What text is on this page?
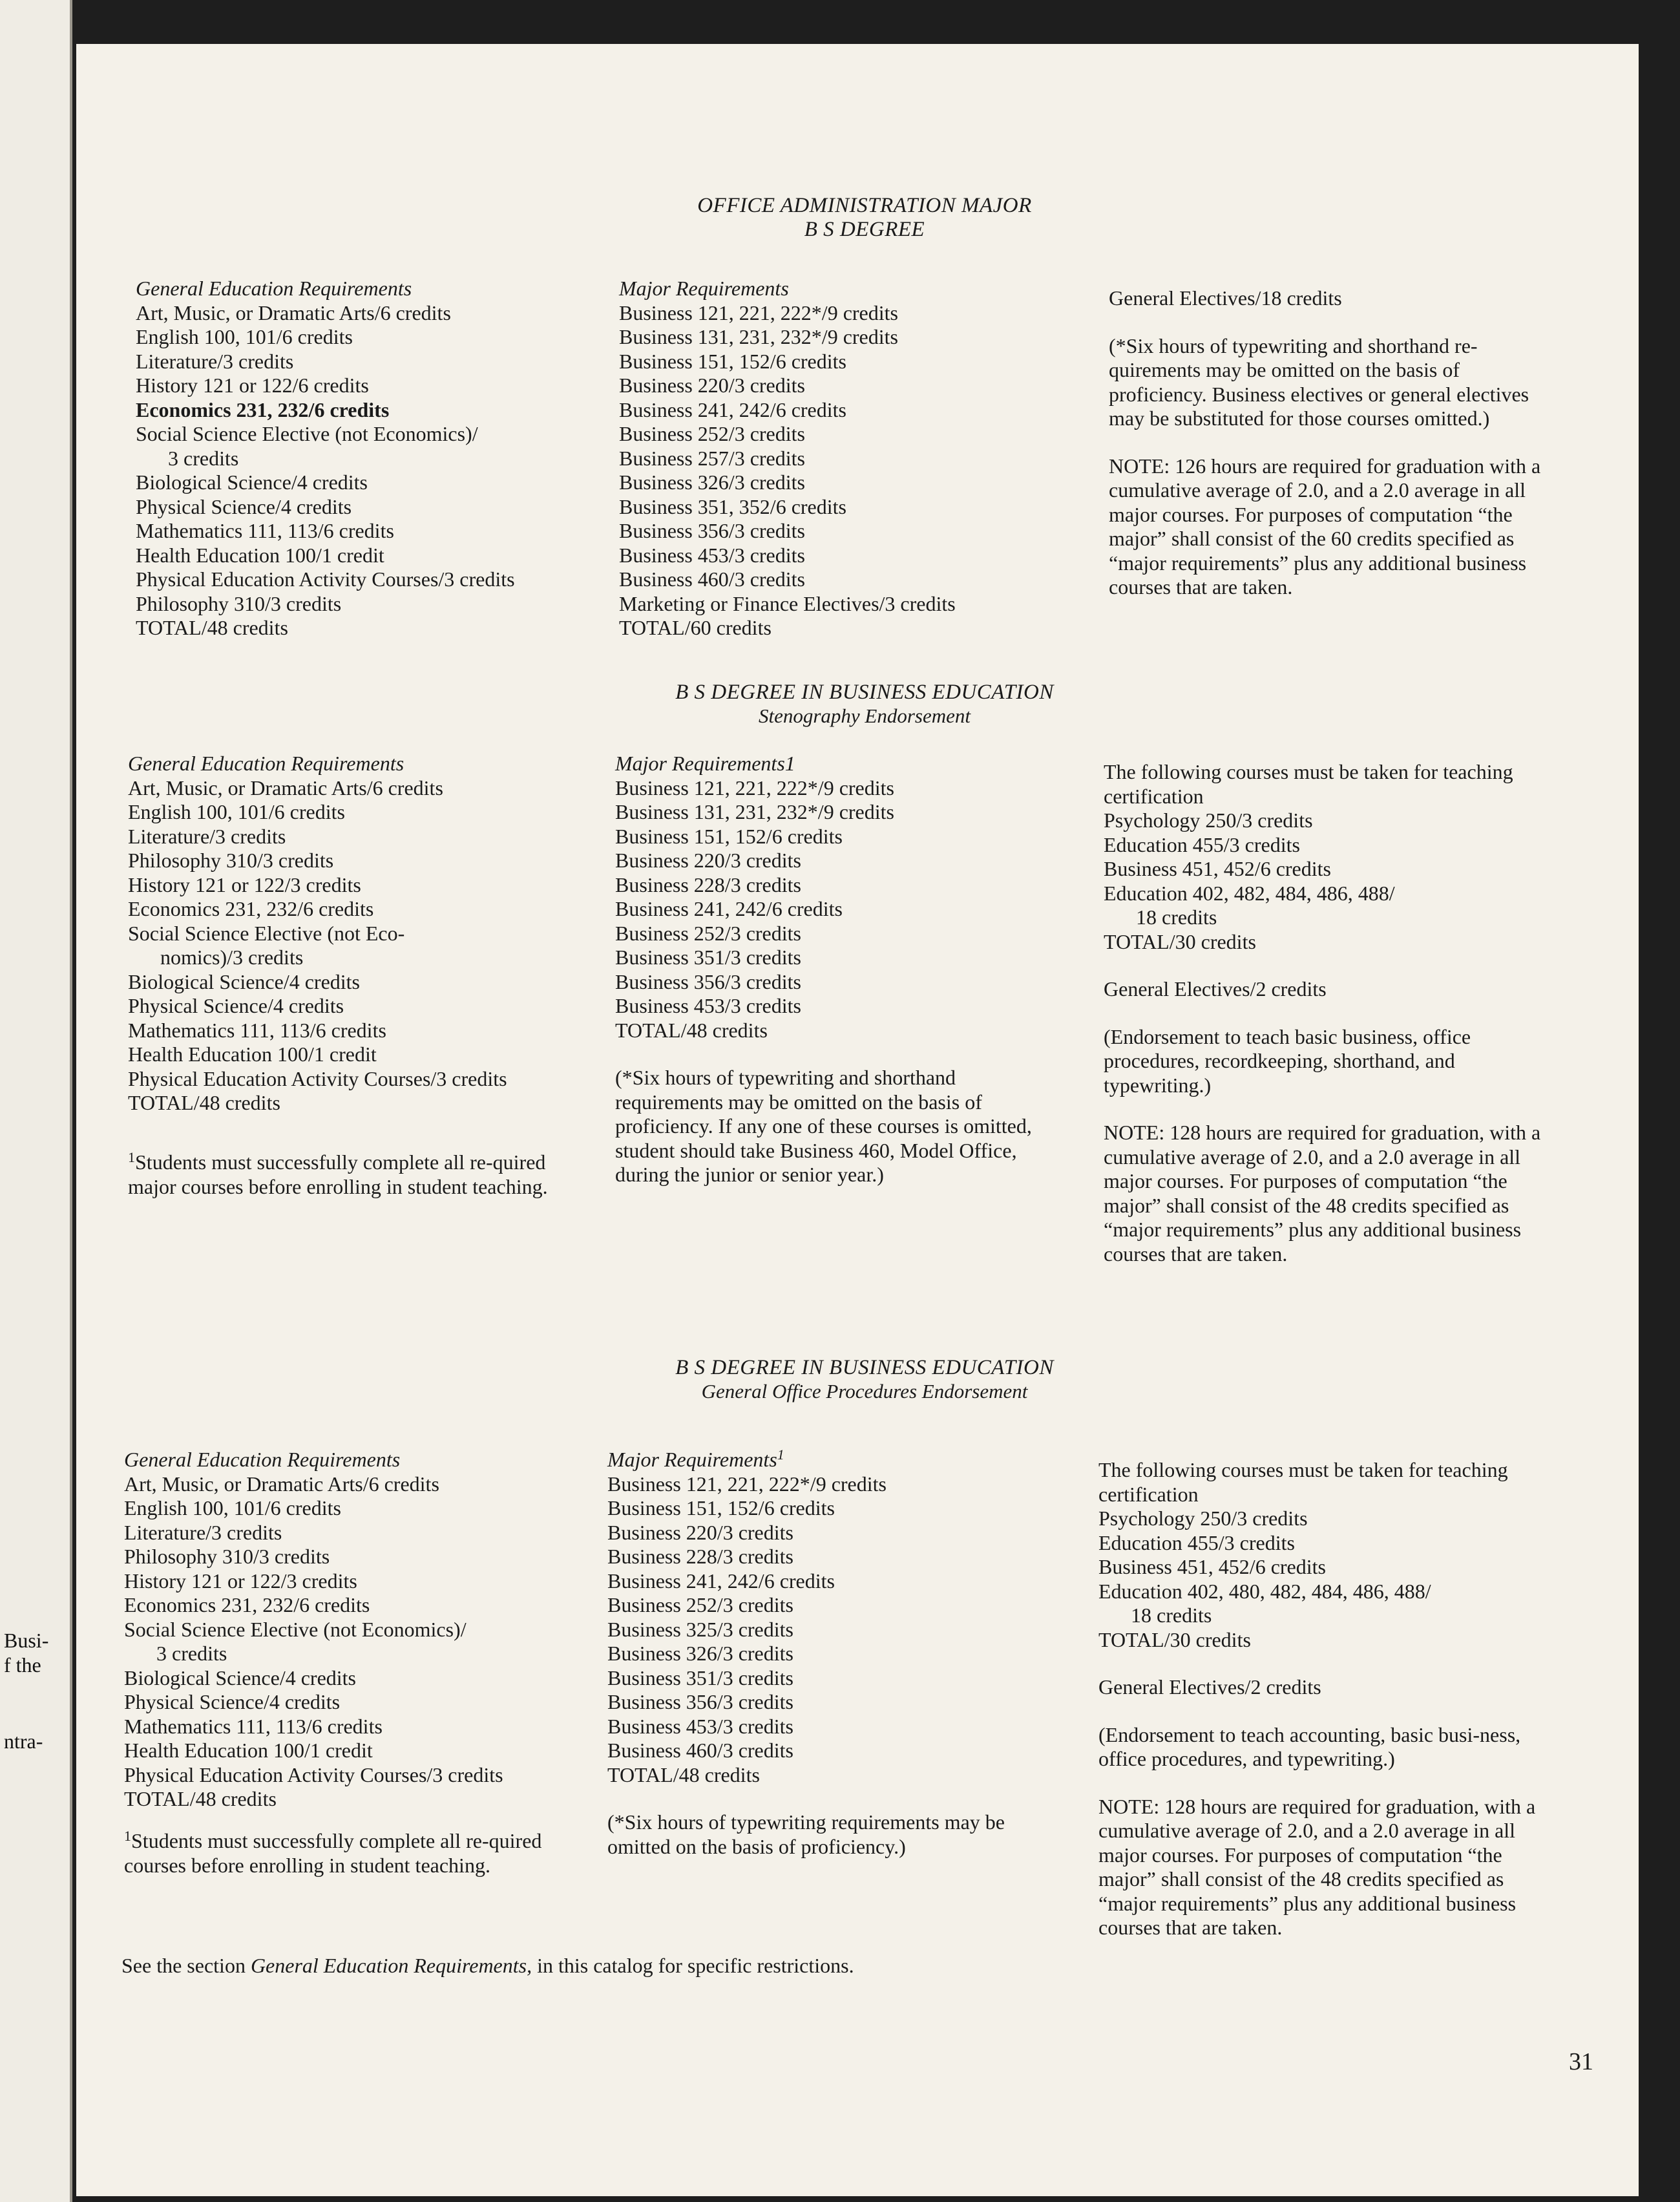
Busi-
f the
ntra-
OFFICE ADMINISTRATION MAJOR
B S DEGREE
General Education Requirements
Art, Music, or Dramatic Arts/6 credits
English 100, 101/6 credits
Literature/3 credits
History 121 or 122/6 credits
Economics 231, 232/6 credits
Social Science Elective (not Economics)/
3 credits
Biological Science/4 credits
Physical Science/4 credits
Mathematics 111, 113/6 credits
Health Education 100/1 credit
Physical Education Activity Courses/3 credits
Philosophy 310/3 credits
TOTAL/48 credits
Major Requirements
Business 121, 221, 222*/9 credits
Business 131, 231, 232*/9 credits
Business 151, 152/6 credits
Business 220/3 credits
Business 241, 242/6 credits
Business 252/3 credits
Business 257/3 credits
Business 326/3 credits
Business 351, 352/6 credits
Business 356/3 credits
Business 453/3 credits
Business 460/3 credits
Marketing or Finance Electives/3 credits
TOTAL/60 credits
General Electives/18 credits
(*Six hours of typewriting and shorthand re-quirements may be omitted on the basis of proficiency. Business electives or general electives may be substituted for those courses omitted.)
NOTE: 126 hours are required for graduation with a cumulative average of 2.0, and a 2.0 average in all major courses. For purposes of computation “the major” shall consist of the 60 credits specified as “major requirements” plus any additional business courses that are taken.
B S DEGREE IN BUSINESS EDUCATION
Stenography Endorsement
General Education Requirements
Art, Music, or Dramatic Arts/6 credits
English 100, 101/6 credits
Literature/3 credits
Philosophy 310/3 credits
History 121 or 122/3 credits
Economics 231, 232/6 credits
Social Science Elective (not Eco-
nomics)/3 credits
Biological Science/4 credits
Physical Science/4 credits
Mathematics 111, 113/6 credits
Health Education 100/1 credit
Physical Education Activity Courses/3 credits
TOTAL/48 credits
$^1$Students must successfully complete all re-quired major courses before enrolling in student teaching.
Major Requirements1
Business 121, 221, 222*/9 credits
Business 131, 231, 232*/9 credits
Business 151, 152/6 credits
Business 220/3 credits
Business 228/3 credits
Business 241, 242/6 credits
Business 252/3 credits
Business 351/3 credits
Business 356/3 credits
Business 453/3 credits
TOTAL/48 credits
(*Six hours of typewriting and shorthand requirements may be omitted on the basis of proficiency. If any one of these courses is omitted, student should take Business 460, Model Office, during the junior or senior year.)
The following courses must be taken for teaching certification
Psychology 250/3 credits
Education 455/3 credits
Business 451, 452/6 credits
Education 402, 482, 484, 486, 488/
18 credits
TOTAL/30 credits
General Electives/2 credits
(Endorsement to teach basic business, office procedures, recordkeeping, shorthand, and typewriting.)
NOTE: 128 hours are required for graduation, with a cumulative average of 2.0, and a 2.0 average in all major courses. For purposes of computation “the major” shall consist of the 48 credits specified as “major requirements” plus any additional business courses that are taken.
B S DEGREE IN BUSINESS EDUCATION
General Office Procedures Endorsement
General Education Requirements
Art, Music, or Dramatic Arts/6 credits
English 100, 101/6 credits
Literature/3 credits
Philosophy 310/3 credits
History 121 or 122/3 credits
Economics 231, 232/6 credits
Social Science Elective (not Economics)/
3 credits
Biological Science/4 credits
Physical Science/4 credits
Mathematics 111, 113/6 credits
Health Education 100/1 credit
Physical Education Activity Courses/3 credits
TOTAL/48 credits
$^1$Students must successfully complete all re-quired courses before enrolling in student teaching.
Major Requirements$^1$
Business 121, 221, 222*/9 credits
Business 151, 152/6 credits
Business 220/3 credits
Business 228/3 credits
Business 241, 242/6 credits
Business 252/3 credits
Business 325/3 credits
Business 326/3 credits
Business 351/3 credits
Business 356/3 credits
Business 453/3 credits
Business 460/3 credits
TOTAL/48 credits
(*Six hours of typewriting requirements may be omitted on the basis of proficiency.)
The following courses must be taken for teaching certification
Psychology 250/3 credits
Education 455/3 credits
Business 451, 452/6 credits
Education 402, 480, 482, 484, 486, 488/
18 credits
TOTAL/30 credits
General Electives/2 credits
(Endorsement to teach accounting, basic busi-ness, office procedures, and typewriting.)
NOTE: 128 hours are required for graduation, with a cumulative average of 2.0, and a 2.0 average in all major courses. For purposes of computation “the major” shall consist of the 48 credits specified as “major requirements” plus any additional business courses that are taken.
See the section General Education Requirements, in this catalog for specific restrictions.
31
